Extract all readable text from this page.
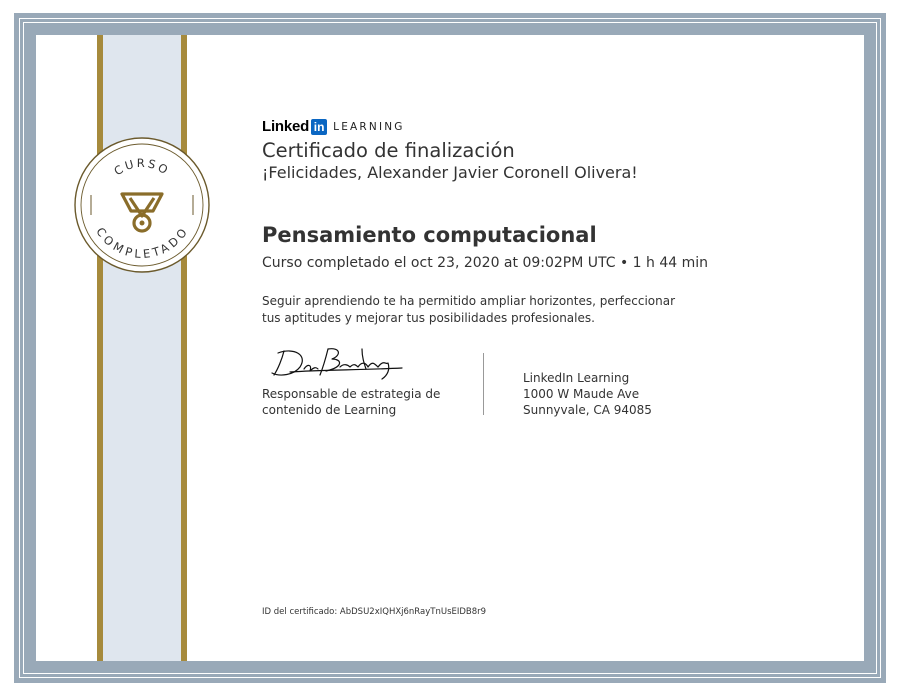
CURSO
COMPLETADO
Linked in LEARNING
Certificado de finalización
¡Felicidades, Alexander Javier Coronell Olivera!
Pensamiento computacional
Curso completado el oct 23, 2020 at 09:02PM UTC • 1 h 44 min
Seguir aprendiendo te ha permitido ampliar horizontes, perfeccionar tus aptitudes y mejorar tus posibilidades profesionales.
Responsable de estrategia de
contenido de Learning
LinkedIn Learning
1000 W Maude Ave
Sunnyvale, CA 94085
ID del certificado: AbDSU2xIQHXj6nRayTnUsEIDB8r9
